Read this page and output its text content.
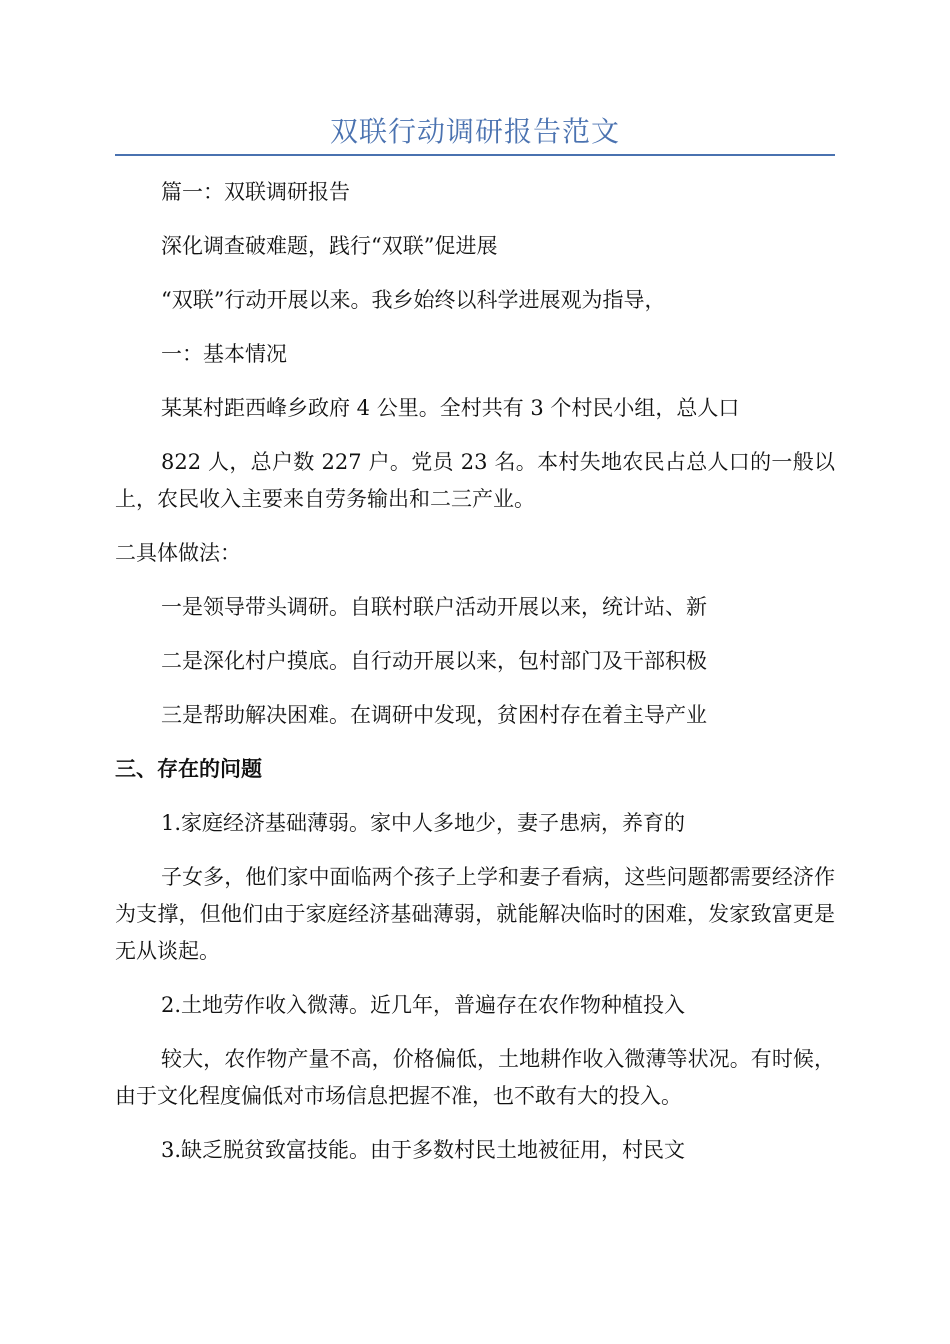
双联行动调研报告范文

篇一：双联调研报告

深化调查破难题，践行“双联”促进展

“双联”行动开展以来。我乡始终以科学进展观为指导，

一：基本情况

某某村距西峰乡政府 4 公里。全村共有 3 个村民小组，总人口

822 人，总户数 227 户。党员 23 名。本村失地农民占总人口的一般以上，农民收入主要来自劳务输出和二三产业。

二具体做法：

一是领导带头调研。自联村联户活动开展以来，统计站、新

二是深化村户摸底。自行动开展以来，包村部门及干部积极

三是帮助解决困难。在调研中发现，贫困村存在着主导产业

三、存在的问题

1.家庭经济基础薄弱。家中人多地少，妻子患病，养育的

子女多，他们家中面临两个孩子上学和妻子看病，这些问题都需要经济作为支撑，但他们由于家庭经济基础薄弱，就能解决临时的困难，发家致富更是无从谈起。

2.土地劳作收入微薄。近几年，普遍存在农作物种植投入

较大，农作物产量不高，价格偏低，土地耕作收入微薄等状况。有时候，由于文化程度偏低对市场信息把握不准，也不敢有大的投入。

3.缺乏脱贫致富技能。由于多数村民土地被征用，村民文
